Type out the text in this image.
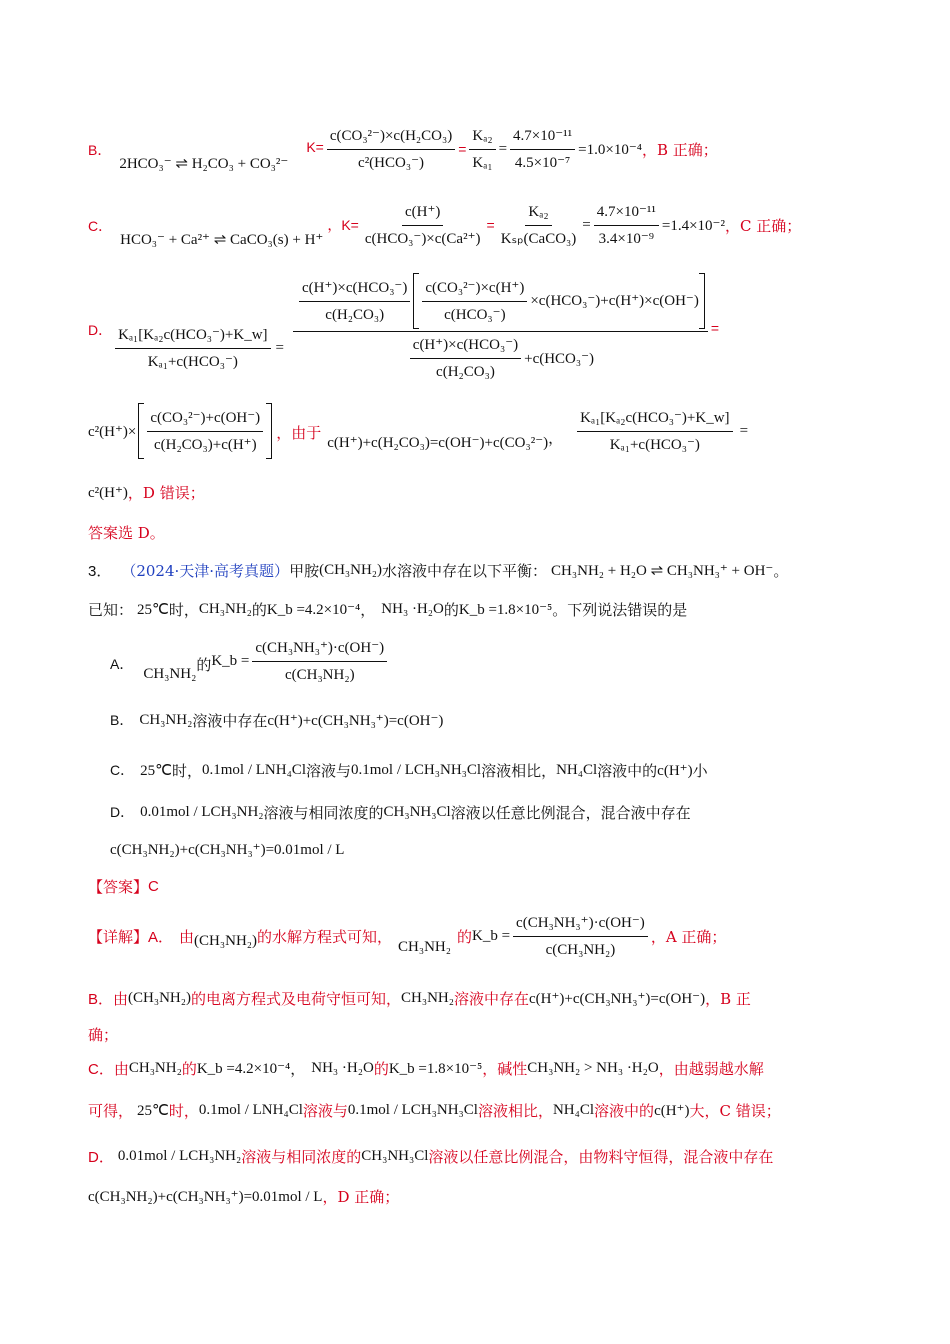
B．
2HCO₃⁻ ⇌ H₂CO₃ + CO₃²⁻
$K= \frac{\text{c(CO₃²⁻)×c(H₂CO₃)}}{\text{c²(HCO₃⁻)}} = \frac{\text{Kₐ₂}}{\text{Kₐ₁}} = \frac{\text{4.7×10⁻¹¹}}{\text{4.5×10⁻⁷}} =1.0\times 10^{-4}$ ，B 正确；
C．
HCO₃⁻ + Ca²⁺ ⇌ CaCO₃(s) + H⁺
，$K= \frac{c(H^+)}{\text{c(HCO₃⁻)×c(Ca²⁺)}} = \frac{\text{Kₐ₂}}{\text{Kₛₚ(CaCO₃)}} = \frac{\text{4.7×10⁻¹¹}}{\text{3.4×10⁻⁹}} =1.4\times 10^{-2}$ ，C 正确；
D． $\frac{\text{Kₐ₁[Kₐ₂c(HCO₃⁻)+K\_w]}}{\text{Kₐ₁+c(HCO₃⁻)}}$ =
$\frac{\text{c(H⁺)×c(HCO₃⁻)}}{\text{c(H₂CO₃)}} \frac{\text{c(CO₃²⁻)×c(H⁺)}}{\text{c(HCO₃⁻)}} \times c(HCO_3^-)+c(H^+)\times c(OH^-)$
$\frac{\text{c(H⁺)×c(HCO₃⁻)}}{\text{c(H₂CO₃)}} +c(HCO_3^-)$
=
$c^2(H^+)\times \frac{\text{c(CO₃²⁻)+c(OH⁻)}}{\text{c(H₂CO₃)+c(H⁺)}}$ ，由于
c(H⁺)+c(H₂CO₃)=c(OH⁻)+c(CO₃²⁻) ， $\frac{\text{Kₐ₁[Kₐ₂c(HCO₃⁻)+K\_w]}}{\text{Kₐ₁+c(HCO₃⁻)}}$ =
c²(H⁺) ，D 错误；
答案选 D。
3． （2024·天津·高考真题） 甲胺 (CH₃NH₂) 水溶液中存在以下平衡： CH₃NH₂ + H₂O ⇌ CH₃NH₃⁺ + OH⁻ 。
已知： 25℃ 时， CH₃NH₂ 的 K_b =4.2×10⁻⁴ ， NH₃ ·H₂O 的 K_b =1.8×10⁻⁵ 。下列说法错误的是
A．
CH₃NH₂ 的 K_b = $\frac{\text{c(CH₃NH₃⁺)·c(OH⁻)}}{\text{c(CH₃NH₂)}}$
B． CH₃NH₂ 溶液中存在 c(H⁺)+c(CH₃NH₃⁺)=c(OH⁻)
C． 25℃ 时， 0.1mol / LNH₄Cl 溶液与 0.1mol / LCH₃NH₃Cl 溶液相比， NH₄Cl 溶液中的 c(H⁺) 小
D． 0.01mol / LCH₃NH₂ 溶液与相同浓度的 CH₃NH₃Cl 溶液以任意比例混合，混合液中存在
c(CH₃NH₂)+c(CH₃NH₃⁺)=0.01mol / L
【答案】 C
【详解】 A． 由 (CH₃NH₂) 的水解方程式可知，
CH₃NH₂
的 K_b = $\frac{\text{c(CH₃NH₃⁺)·c(OH⁻)}}{\text{c(CH₃NH₂)}}$ ，A 正确；
B． 由 (CH₃NH₂) 的电离方程式及电荷守恒可知， CH₃NH₂ 溶液中存在 c(H⁺)+c(CH₃NH₃⁺)=c(OH⁻) ，B 正
确；
C． 由 CH₃NH₂ 的 K_b =4.2×10⁻⁴ ， NH₃ ·H₂O 的 K_b =1.8×10⁻⁵ ，碱性 CH₃NH₂ > NH₃ ·H₂O ，由越弱越水解
可得， 25℃ 时， 0.1mol / LNH₄Cl 溶液与 0.1mol / LCH₃NH₃Cl 溶液相比， NH₄Cl 溶液中的 c(H⁺) 大，C 错误；
D． 0.01mol / LCH₃NH₂ 溶液与相同浓度的 CH₃NH₃Cl 溶液以任意比例混合，由物料守恒得，混合液中存在
c(CH₃NH₂)+c(CH₃NH₃⁺)=0.01mol / L ，D 正确；
